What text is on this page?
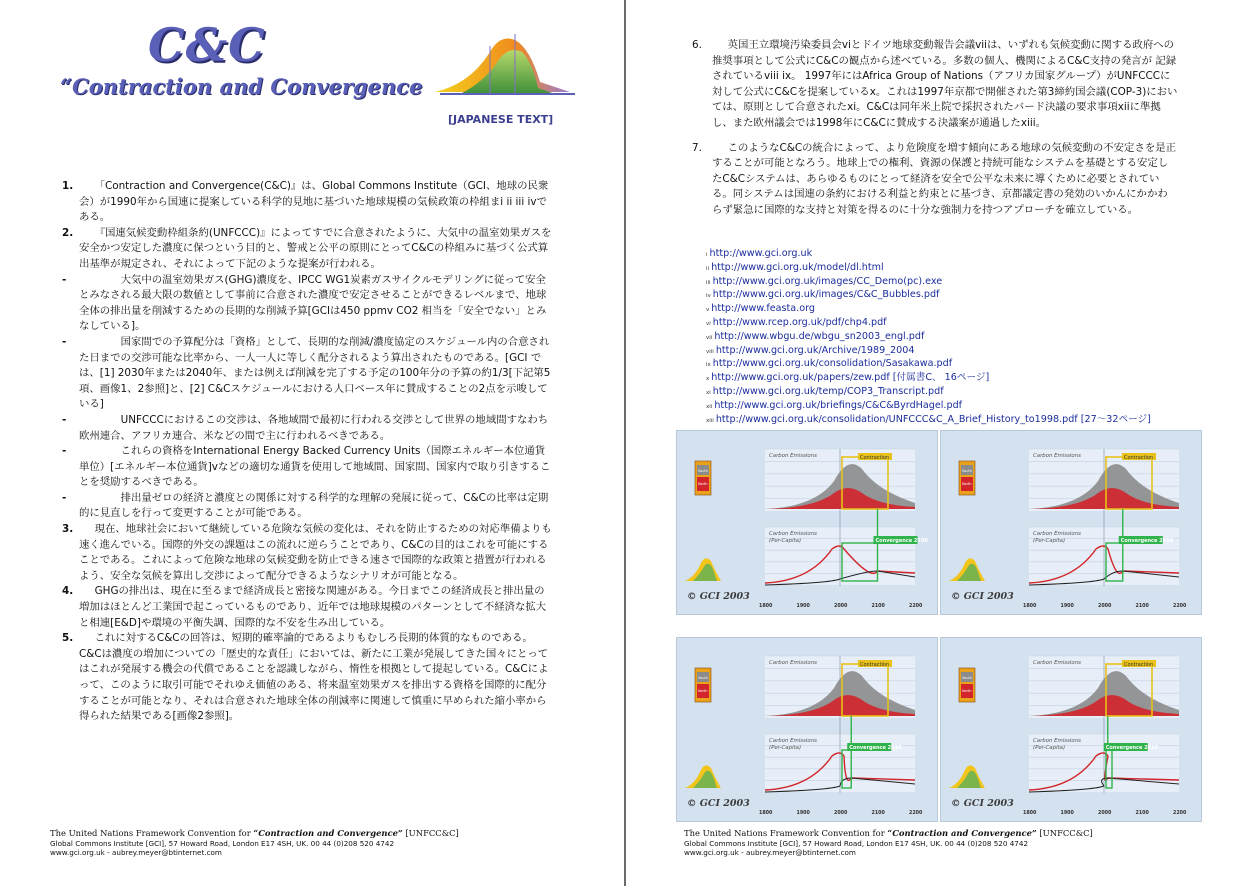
C&C
“Contraction and Convergence
[JAPANESE TEXT]
1.	「Contraction and Convergence(C&C)』は、Global Commons Institute（GCI、地球の民衆会）が1990年から国連に提案している科学的見地に基づいた地球規模の気候政策の枠組まi ii iii ivである。
2.	『国連気候変動枠組条約(UNFCCC)』によってすでに合意されたように、大気中の温室効果ガスを安全かつ安定した濃度に保つという目的と、警戒と公平の原則にとってC&Cの枠組みに基づく公式算出基準が規定され、それによって下記のような提案が行われる。
-	大気中の温室効果ガス(GHG)濃度を、IPCC WG1炭素ガスサイクルモデリングに従って安全とみなされる最大限の数値として事前に合意された濃度で安定させることができるレベルまで、地球全体の排出量を削減するための長期的な削減予算[GCIは450 ppmv CO2 相当を「安全でない」とみなしている]。
-	国家間での予算配分は「資格」として、長期的な削減/濃度協定のスケジュール内の合意された日までの交渉可能な比率から、一人一人に等しく配分されるよう算出されたものである。[GCI では、[1] 2030年または2040年、または例えば削減を完了する予定の100年分の予算の約1/3[下記第5項、画像1、2参照]と、[2] C&Cスケジュールにおける人口ベース年に賛成することの2点を示唆している]
-	UNFCCCにおけるこの交渉は、各地域間で最初に行われる交渉として世界の地域間すなわち欧州連合、アフリカ連合、米などの間で主に行われるべきである。
-	これらの資格をInternational Energy Backed Currency Units（国際エネルギー本位通貨単位）[エネルギー本位通貨]vなどの適切な通貨を使用して地域間、国家間、国家内で取り引きすることを奨励するべきである。
-	排出量ゼロの経済と濃度との関係に対する科学的な理解の発展に従って、C&Cの比率は定期的に見直しを行って変更することが可能である。
3.	現在、地球社会において継続している危険な気候の変化は、それを防止するための対応準備よりも速く進んでいる。国際的外交の課題はこの流れに逆らうことであり、C&Cの目的はこれを可能にすることである。これによって危険な地球の気候変動を防止できる速さで国際的な政策と措置が行われるよう、安全な気候を算出し交渉によって配分できるようなシナリオが可能となる。
4.	GHGの排出は、現在に至るまで経済成長と密接な関連がある。今日までこの経済成長と排出量の増加はほとんど工業国で起こっているものであり、近年では地球規模のパターンとして不経済な拡大と相連[E&D]や環境の平衡失調、国際的な不安を生み出している。
5.	これに対するC&Cの回答は、短期的確率論的であるよりもむしろ長期的体質的なものである。C&Cは濃度の増加についての「歴史的な責任」においては、新たに工業が発展してきた国々にとってはこれが発展する機会の代償であることを認識しながら、惰性を根拠として提起している。C&Cによって、このように取引可能でそれゆえ価値のある、将来温室効果ガスを排出する資格を国際的に配分することが可能となり、それは合意された地球全体の削減率に関連して慎重に早められた縮小率から得られた結果である[画像2参照]。
The United Nations Framework Convention for “Contraction and Convergence” [UNFCC&C]
Global Commons Institute [GCI], 57 Howard Road, London E17 4SH, UK. 00 44 (0)208 520 4742
www.gci.org.uk - aubrey.meyer@btinternet.com
6.	英国王立環境汚染委員会viとドイツ地球変動報告会議viiは、いずれも気候変動に関する政府への推奨事項として公式にC&Cの観点から述べている。多数の個人、機関によるC&C支持の発言が 記録されているviii ix。 1997年にはAfrica Group of Nations（アフリカ国家グループ）がUNFCCCに対して公式にC&Cを提案しているx。これは1997年京都で開催された第3締約国会議(COP-3)においては、原則として合意されたxi。C&Cは同年米上院で採択されたバード決議の要求事項xiiに準拠し、また欧州議会では1998年にC&Cに賛成する決議案が通過したxiii。
7.	このようなC&Cの統合によって、より危険度を増す傾向にある地球の気候変動の不安定さを是正することが可能となろう。地球上での権利、資源の保護と持続可能なシステムを基礎とする安定したC&Cシステムは、あらゆるものにとって経済を安全で公平な未来に導くために必要とされている。同システムは国連の条約における利益と約束とに基づき、京都議定書の発効のいかんにかかわらず緊急に国際的な支持と対策を得るのに十分な強制力を持つアプローチを確立している。
i http://www.gci.org.uk
ii http://www.gci.org.uk/model/dl.html
iii http://www.gci.org.uk/images/CC_Demo(pc).exe
iv http://www.gci.org.uk/images/C&C_Bubbles.pdf
v http://www.feasta.org
vi http://www.rcep.org.uk/pdf/chp4.pdf
vii http://www.wbgu.de/wbgu_sn2003_engl.pdf
viii http://www.gci.org.uk/Archive/1989_2004
ix http://www.gci.org.uk/consolidation/Sasakawa.pdf
x http://www.gci.org.uk/papers/zew.pdf [付属書C、 16ページ]
xi http://www.gci.org.uk/temp/COP3_Transcript.pdf
xii http://www.gci.org.uk/briefings/C&C&ByrdHagel.pdf
xiii http://www.gci.org.uk/consolidation/UNFCCC&C_A_Brief_History_to1998.pdf [27～32ページ]
Contraction
Carbon Emissions
Carbon Emissions
(Per-Capita)	Convergence 2100
1800	1900	2000	2100	2200
South
North
© GCI 2003
Contraction
Carbon Emissions
Carbon Emissions
(Per-Capita)	Convergence 2050
1800	1900	2000	2100	2200
South
North
© GCI 2003
Contraction
Carbon Emissions
Carbon Emissions
(Per-Capita)	Convergence 2030
1800	1900	2000	2100	2200
South
North
© GCI 2003
Contraction
Carbon Emissions
Carbon Emissions
(Per-Capita)	Convergence 2010
1800	1900	2000	2100	2200
South
North
© GCI 2003
The United Nations Framework Convention for “Contraction and Convergence” [UNFCC&C]
Global Commons Institute [GCI], 57 Howard Road, London E17 4SH, UK. 00 44 (0)208 520 4742
www.gci.org.uk - aubrey.meyer@btinternet.com
